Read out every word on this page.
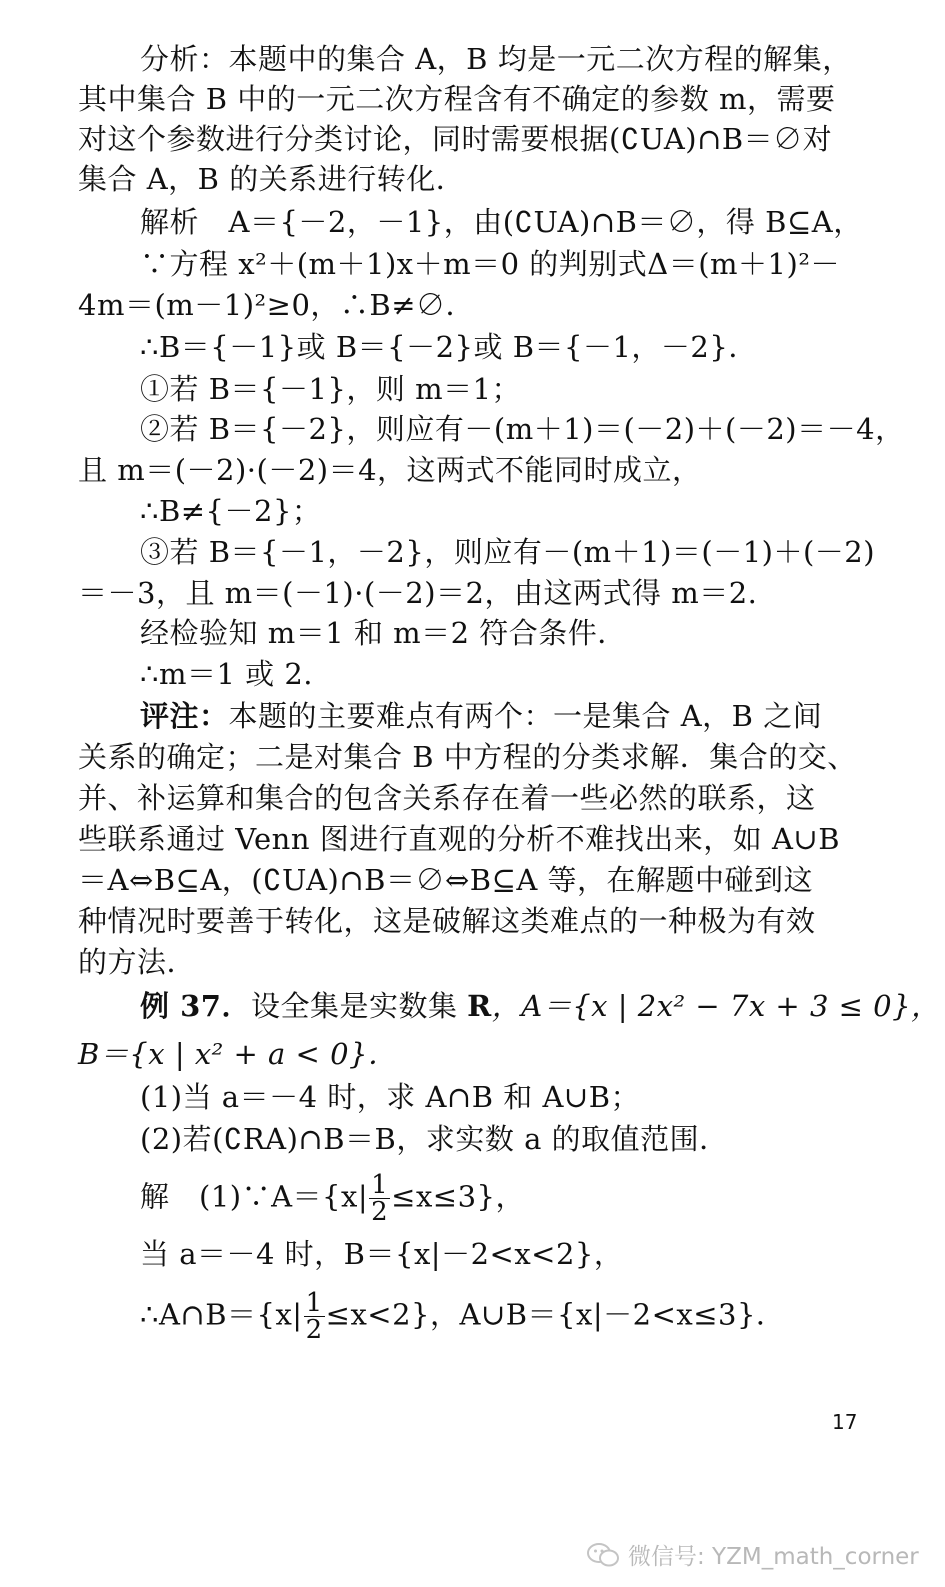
分析：本题中的集合 A，B 均是一元二次方程的解集，
其中集合 B 中的一元二次方程含有不确定的参数 m，需要
对这个参数进行分类讨论，同时需要根据(∁UA)∩B＝∅对
集合 A，B 的关系进行转化．
解析　A＝{－2，－1}，由(∁UA)∩B＝∅，得 B⊆A，
∵方程 x²＋(m＋1)x＋m＝0 的判别式Δ＝(m＋1)²－
4m＝(m－1)²≥0，∴B≠∅．
∴B＝{－1}或 B＝{－2}或 B＝{－1，－2}．
①若 B＝{－1}，则 m＝1；
②若 B＝{－2}，则应有－(m＋1)＝(－2)＋(－2)＝－4，
且 m＝(－2)·(－2)＝4，这两式不能同时成立，
∴B≠{－2}；
③若 B＝{－1，－2}，则应有－(m＋1)＝(－1)＋(－2)
＝－3，且 m＝(－1)·(－2)＝2，由这两式得 m＝2.
经检验知 m＝1 和 m＝2 符合条件．
∴m＝1 或 2.
评注：本题的主要难点有两个：一是集合 A，B 之间
关系的确定；二是对集合 B 中方程的分类求解．集合的交、
并、补运算和集合的包含关系存在着一些必然的联系，这
些联系通过 Venn 图进行直观的分析不难找出来，如 A∪B
＝A⇔B⊆A，(∁UA)∩B＝∅⇔B⊆A 等，在解题中碰到这
种情况时要善于转化，这是破解这类难点的一种极为有效
的方法．
例 37．设全集是实数集 R，A＝{x | 2x² − 7x + 3 ≤ 0}，
B＝{x | x² + a < 0}．
(1)当 a＝－4 时，求 A∩B 和 A∪B；
(2)若(∁RA)∩B＝B，求实数 a 的取值范围．
解　(1)∵A＝{x| $\frac{1}{2} \le x\le 3$}，
当 a＝－4 时，B＝{x|－2<x<2}，
∴A∩B＝{x| $\frac{1}{2} \le x<2$}，A∪B＝{x|－2<x≤3}．
17
微信号: YZM_math_corner
